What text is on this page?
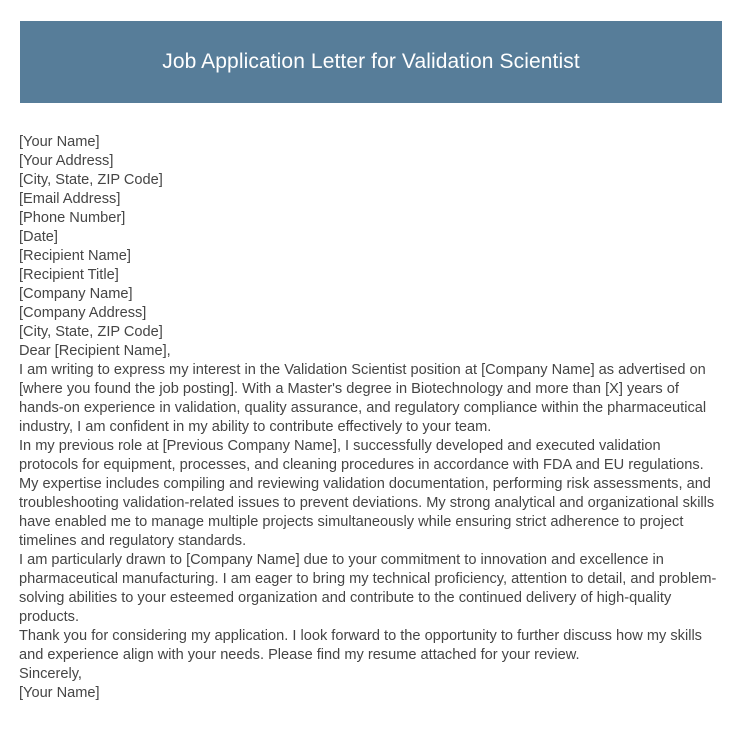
Job Application Letter for Validation Scientist
[Your Name]
[Your Address]
[City, State, ZIP Code]
[Email Address]
[Phone Number]
[Date]
[Recipient Name]
[Recipient Title]
[Company Name]
[Company Address]
[City, State, ZIP Code]
Dear [Recipient Name],

I am writing to express my interest in the Validation Scientist position at [Company Name] as advertised on [where you found the job posting]. With a Master's degree in Biotechnology and more than [X] years of hands-on experience in validation, quality assurance, and regulatory compliance within the pharmaceutical industry, I am confident in my ability to contribute effectively to your team.

In my previous role at [Previous Company Name], I successfully developed and executed validation protocols for equipment, processes, and cleaning procedures in accordance with FDA and EU regulations. My expertise includes compiling and reviewing validation documentation, performing risk assessments, and troubleshooting validation-related issues to prevent deviations. My strong analytical and organizational skills have enabled me to manage multiple projects simultaneously while ensuring strict adherence to project timelines and regulatory standards.

I am particularly drawn to [Company Name] due to your commitment to innovation and excellence in pharmaceutical manufacturing. I am eager to bring my technical proficiency, attention to detail, and problem-solving abilities to your esteemed organization and contribute to the continued delivery of high-quality products.

Thank you for considering my application. I look forward to the opportunity to further discuss how my skills and experience align with your needs. Please find my resume attached for your review.

Sincerely,
[Your Name]
